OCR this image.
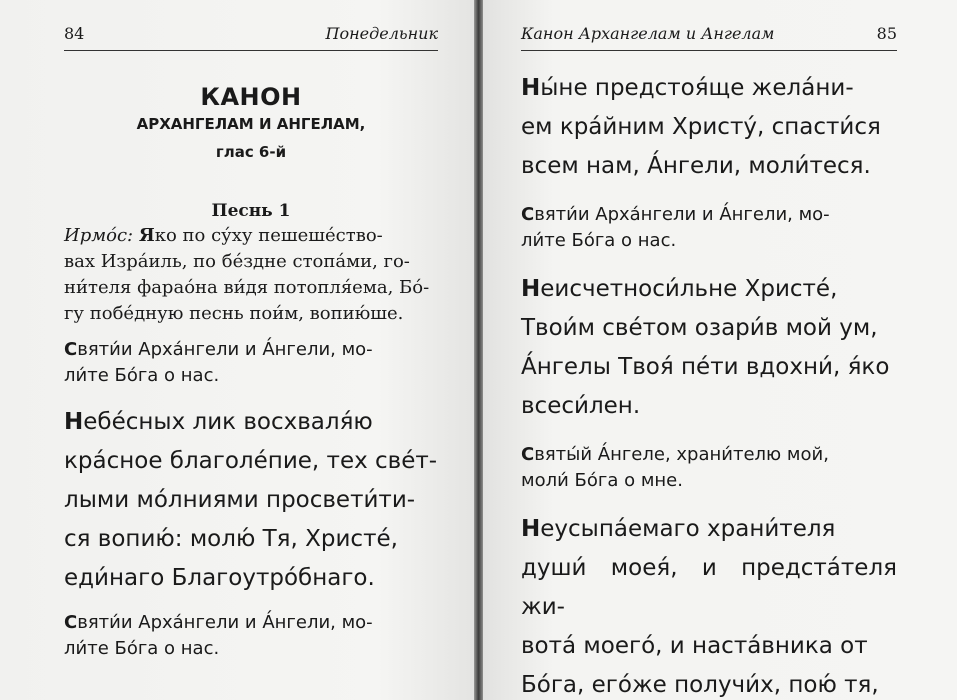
84	Понедельник
КАНОН
АРХАНГЕЛАМ И АНГЕЛАМ,
глас 6-й
Песнь 1

Ирмо́с: Яко по су́ху пешеше́ство-
вах Изра́иль, по бе́здне стопа́ми, го-
ни́теля фарао́на ви́дя потопля́ема, Бо́-
гу побе́дную песнь пои́м, вопию́ше.

Святи́и Арха́нгели и А́нгели, мо-
ли́те Бо́га о нас.

Небе́сных лик восхваля́ю
кра́сное благоле́пие, тех све́т-
лыми мо́лниями просвети́ти-
ся вопию́: молю́ Тя, Христе́,
еди́наго Благоутро́бнаго.

Святи́и Арха́нгели и А́нгели, мо-
ли́те Бо́га о нас.

Канон Архангелам и Ангелам	85

Ны́не предстоя́ще жела́ни-
ем кра́йним Христу́, спасти́ся
всем нам, А́нгели, моли́теся.

Святи́и Арха́нгели и А́нгели, мо-
ли́те Бо́га о нас.

Неисчетноси́льне Христе́,
Твои́м све́том озари́в мой ум,
А́нгелы Твоя́ пе́ти вдохни́, я́ко
всеси́лен.

Святы́й А́нгеле, храни́телю мой,
моли́ Бо́га о мне.

Неусыпа́емаго храни́теля
души́ моея́, и предста́теля жи-
вота́ моего́, и наста́вника от
Бо́га, его́же получи́х, пою́ тя,
